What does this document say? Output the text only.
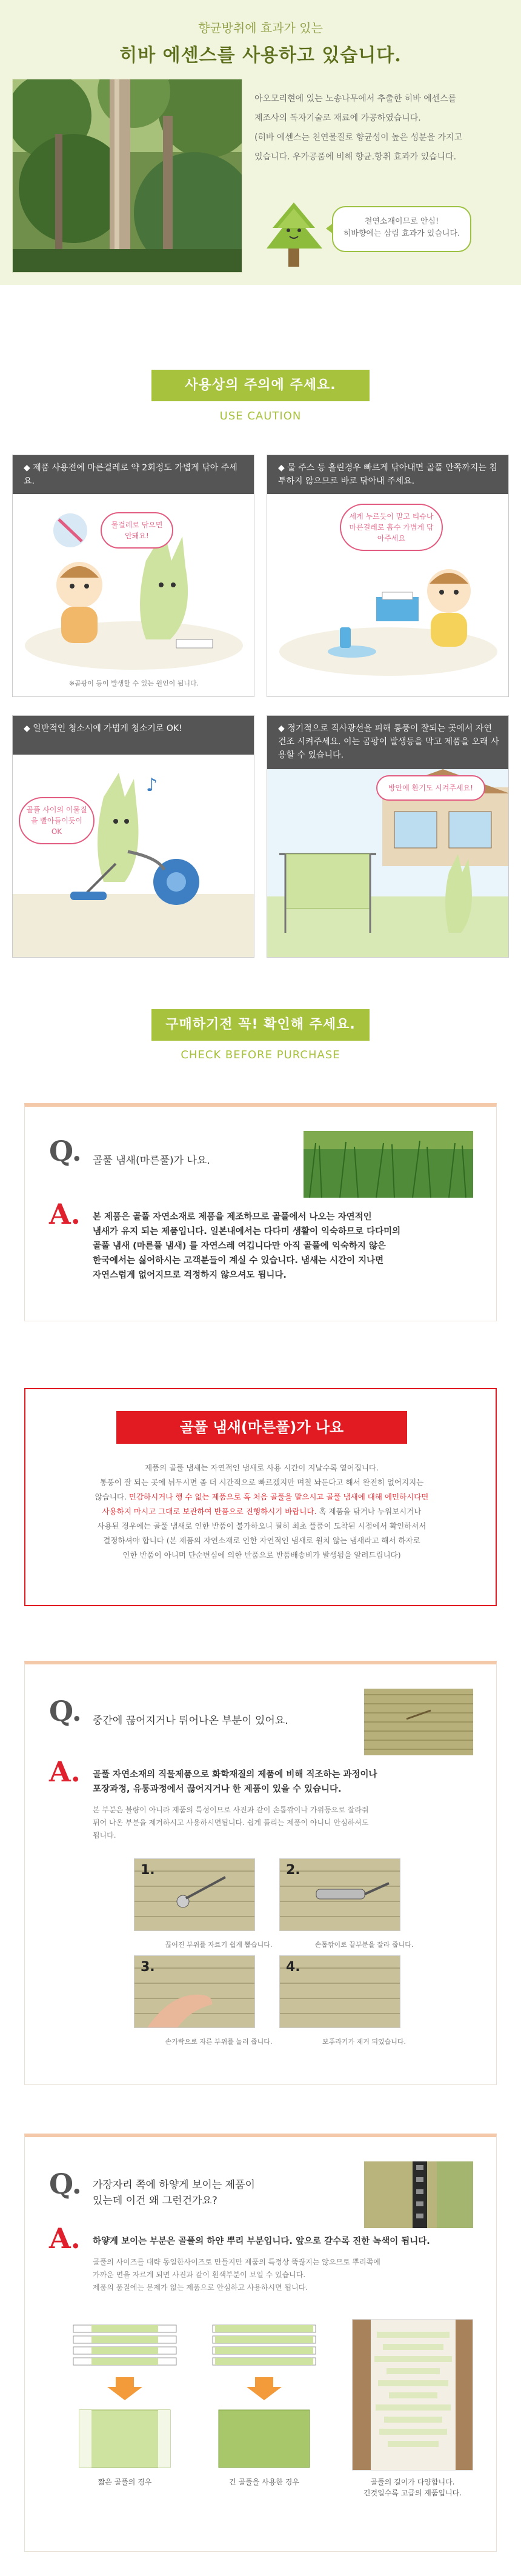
향균방취에 효과가 있는
히바 에센스를 사용하고 있습니다.

아오모리현에 있는 노송나무에서 추출한 히바 에센스를

제조사의 독자기술로 재료에 가공하였습니다.

(히바 에센스는 천연물질로 향균성이 높은 성분을 가지고

있습니다. 우가공품에 비해 향균.항취 효과가 있습니다.

천연소재이므로 안심!
히바향에는 삼림 효과가 있습니다.
사용상의 주의에 주세요.
USE CAUTION
◆ 제품 사용전에 마른걸레로 약 2회정도 가볍게 닦아 주세요.
물걸레로 닦으면 안돼요!
※곰팡이 등이 발생할 수 있는 원인이 됩니다.
◆ 물 주스 등 흘린경우 빠르게 닦아내면 골풀 안쪽까지는 침투하지 않으므로 바로 닦아내 주세요.
세게 누르듯이 말고 티슈나 마른걸레로 흡수 가볍게 닦아주세요
◆ 일반적인 청소시에 가볍게 청소기로 OK!
♪
골풀 사이의 이물질을 빨아들이듯이 OK
◆ 정기적으로 직사광선을 피해 통풍이 잘되는 곳에서 자연건조 시켜주세요. 이는 곰팡이 발생등을 막고 제품을 오래 사용할 수 있습니다.
방안에 환기도 시켜주세요!
구매하기전 꼭! 확인해 주세요.
CHECK BEFORE PURCHASE
Q. 골풀 냄새(마른풀)가 나요.
A. 본 제품은 골풀 자연소재로 제품을 제조하므로 골풀에서 나오는 자연적인
냄새가 유지 되는 제품입니다. 일본내에서는 다다미 생활이 익숙하므로 다다미의
골풀 냄새 (마른풀 냄새) 를 자연스레 여깁니다만 아직 골풀에 익숙하지 않은
한국에서는 싫어하시는 고객분들이 계실 수 있습니다. 냄새는 시간이 지나면
자연스럽게 없어지므로 걱정하지 않으셔도 됩니다.
골풀 냄새(마른풀)가 나요
제품의 골풀 냄새는 자연적인 냄새로 사용 시간이 지날수록 옅어집니다.
통풍이 잘 되는 곳에 뉘두시면 좀 더 시간적으로 빠르겠지만 며칠 놔둔다고 해서 완전히 없어지지는
않습니다. 민감하시거나 행 수 없는 제품으로 혹 처음 골풀을 맡으시고 골풀 냄새에 대해 예민하시다면
사용하지 마시고 그대로 보관하여 반품으로 진행하시기 바랍니다. 혹 제품을 닦거나 누워보시거나
사용된 경우에는 골풀 냄새로 인한 반품이 불가하오니 필히 최초 플품이 도착된 시점에서 확인하셔서
결정하셔야 합니다 (본 제품의 자연소재로 인한 자연적인 냄새로 원치 않는 냄새라고 해서 하자로
인한 반품이 아니며 단순변심에 의한 반품으로 반품배송비가 발생됨을 알려드립니다)
Q. 중간에 끊어지거나 튀어나온 부분이 있어요.
A. 골풀 자연소재의 직물제품으로 화학재질의 제품에 비해 직조하는 과정이나
포장과정, 유통과정에서 끊어지거나 한 제품이 있을 수 있습니다.
본 부분은 불량이 아니라 제품의 특성이므로 사진과 같이 손톱깎이나 가위등으로 잘라줘
튀어 나온 부분을 제거하시고 사용하시면됩니다. 쉽게 풀리는 제품이 아니니 안심하셔도
됩니다.
1.
끊어진 부위를 자르기 쉽게 뽑습니다.
2.
손톱깎이로 끝부분을 잘라 줍니다.
3.
손가락으로 자른 부위를 눌러 줍니다.
4.
보푸라기가 제거 되었습니다.
Q. 가장자리 쪽에 하얗게 보이는 제품이
있는데 이건 왜 그런건가요?
A. 하얗게 보이는 부분은 골풀의 하얀 뿌리 부분입니다. 앞으로 갈수록 진한 녹색이 됩니다.
골풀의 사이즈를 대략 동일한사이즈로 만들지만 제품의 특정상 뚝끊지는 않으므로 뿌리쪽에
가까운 면을 자르게 되면 사진과 같이 흰색부분이 보일 수 있습니다.
제품의 품질에는 문제가 없는 제품으로 안심하고 사용하시면 됩니다.
짧은 골풀의 경우	긴 골풀을 사용한 경우	골풀의 길이가 다양합니다.
긴것일수록 고급의 제품입니다.
